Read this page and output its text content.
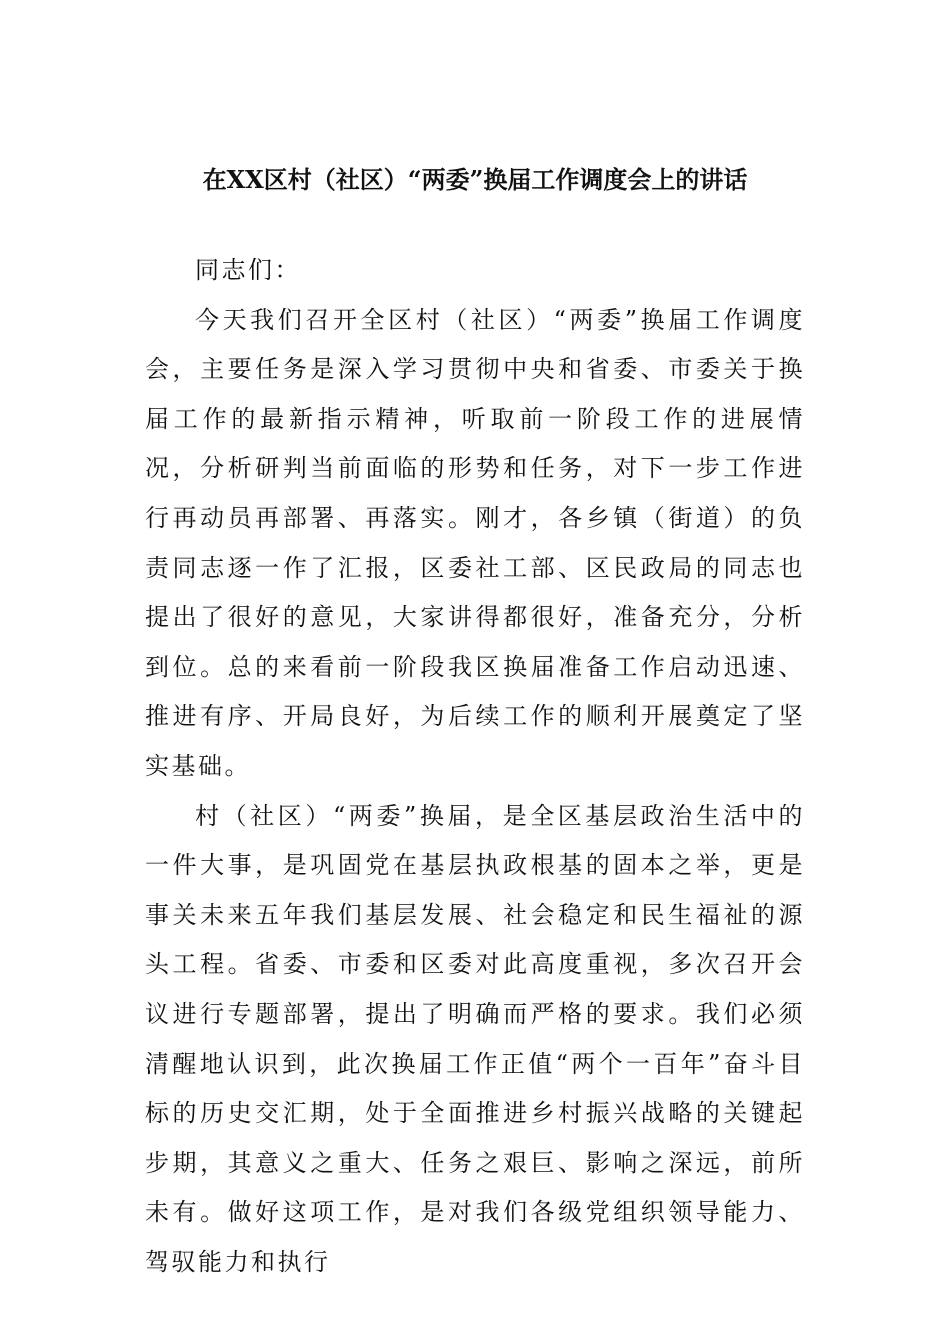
在XX区村（社区）“两委”换届工作调度会上的讲话

同志们：

今天我们召开全区村（社区）“两委”换届工作调度会，主要任务是深入学习贯彻中央和省委、市委关于换届工作的最新指示精神，听取前一阶段工作的进展情况，分析研判当前面临的形势和任务，对下一步工作进行再动员再部署、再落实。刚才，各乡镇（街道）的负责同志逐一作了汇报，区委社工部、区民政局的同志也提出了很好的意见，大家讲得都很好，准备充分，分析到位。总的来看前一阶段我区换届准备工作启动迅速、推进有序、开局良好，为后续工作的顺利开展奠定了坚实基础。

村（社区）“两委”换届，是全区基层政治生活中的一件大事，是巩固党在基层执政根基的固本之举，更是事关未来五年我们基层发展、社会稳定和民生福祉的源头工程。省委、市委和区委对此高度重视，多次召开会议进行专题部署，提出了明确而严格的要求。我们必须清醒地认识到，此次换届工作正值“两个一百年”奋斗目标的历史交汇期，处于全面推进乡村振兴战略的关键起步期，其意义之重大、任务之艰巨、影响之深远，前所未有。做好这项工作，是对我们各级党组织领导能力、驾驭能力和执行
